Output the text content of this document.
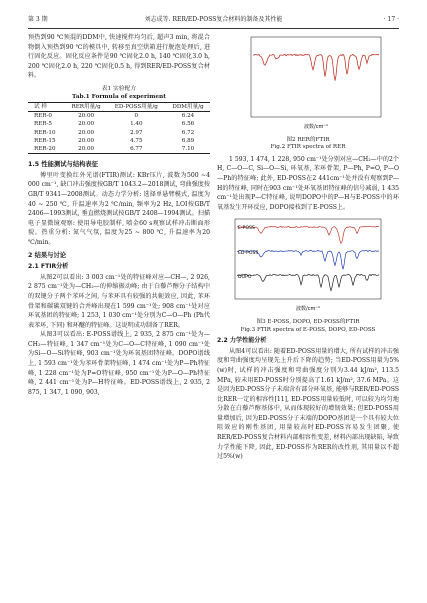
第 3 期	刘志成等. RER/ED-POSS复合材料的制备及其性能	· 17 ·

预热到90 ℃预混的DDM中, 快速搅拌均匀后, 超声3 min, 将混合物倒入预热到90 ℃的模具中, 转移至真空烘箱进行脱泡处理后, 进行固化反应。固化反应条件是90 ℃固化2.0 h, 140 ℃固化3.0 h, 200 ℃固化2.0 h, 220 ℃固化0.5 h, 得到RER/ED-POSS复合材料。

表1 实验配方
Tab.1 Formula of experiment
试 样	RER用量/g	ED-POSS用量/g	DDM用量/g
RER-0	20.00	0	6.24
RER-5	20.00	1.40	6.56
RER-10	20.00	2.97	6.72
RER-15	20.00	4.75	6.89
RER-20	20.00	6.77	7.10
1.5 性能测试与结构表征

傅里叶变换红外光谱(FTIR)测试: KBr压片, 波数为500 ~4 000 cm⁻¹, 缺口冲击强度按GB/T 1043.2—2018测试, 弯曲强度按GB/T 9341—2008测试。动态力学分析: 选择单悬臂模式, 温度为40 ~ 250 ℃, 升温速率为2 ℃/min, 频率为2 Hz, LOI按GB/T 2406—1993测试, 垂直燃烧测试按GB/T 2408—1994测试。扫描电子显微镜观察: 使用导电胶制样, 喷金60 s观察试样冲击断面形貌。热重分析: 氮气气氛, 温度为25 ~ 800 ℃, 升温速率为20 ℃/min。

2 结果与讨论
2.1 FTIR分析

从图2可以看出: 3 003 cm⁻¹处的特征峰对应—CH—, 2 926, 2 875 cm⁻¹处为—CH₂—的伸缩振动峰; 由于白藜芦醇分子结构中的双键分子两个苯环之间, 与苯环具有较强的共轭效应, 因此, 苯环骨架和碳碳双键的合并峰出现在1 599 cm⁻¹处; 908 cm⁻¹处对应环氧基团的特征峰; 1 253, 1 030 cm⁻¹处分别为C—O—Ph (Ph代表苯环, 下同) 和环醚的特征峰。这说明成功制备了RER。

从图3可以看出: E-POSS谱线上, 2 935, 2 875 cm⁻¹处为—CH₂—特征峰, 1 347 cm⁻¹处为C—O—C特征峰, 1 090 cm⁻¹处为Si—O—Si特征峰, 903 cm⁻¹处为环氧基团特征峰。DOPO谱线上, 1 593 cm⁻¹处为苯环骨架特征峰, 1 474 cm⁻¹处为P—Ph特征峰, 1 228 cm⁻¹处为P=O特征峰, 950 cm⁻¹处为P—O—Ph特征峰, 2 441 cm⁻¹处为P—H特征峰。ED-POSS谱线上, 2 935, 2 875, 1 347, 1 090, 903,

波数/cm⁻¹
图2 RER的FTIR
Fig.2 FTIR spectra of RER

1 593, 1 474, 1 228, 950 cm⁻¹处分别对应—CH₂—中的2个H, C—O—C, Si—O—Si, 环氧基, 苯环骨架, P—Ph, P=O, P—O—Ph的特征峰; 此外, ED-POSS在2 441cm⁻¹处并没有观察到P—H的特征峰, 同时在903 cm⁻¹处环氧基团特征峰的信号减弱, 1 435 cm⁻¹处出现P—C特征峰, 说明DOPO中的P—H与E-POSS中的环氧基发生开环反应, DOPO接枝到了E-POSS上。

E-POSS
ED-POSS
DOPO
波数/cm⁻¹
图3 E-POSS, DOPO, ED-POSS的FTIR
Fig.3 FTIR spectra of E-POSS, DOPO, ED-POSS
2.2 力学性能分析

从图4可以看出: 随着ED-POSS用量的增大, 所有试样的冲击强度和弯曲强度均呈现先上升后下降的趋势; 当ED-POSS用量为5%(w)时, 试样的冲击强度和弯曲强度分别为3.44 kJ/m², 113.5 MPa, 较未用ED-POSS时分别提高了1.61 kJ/m², 37.6 MPa。这是因为ED-POSS分子末端含有部分环氧基, 能够与RER/ED-POSS比RER一定的相容性[11], ED-POSS用量较低时, 可以较为均匀地分散在白藜芦醇基体中, 从而体现较好的增韧效果; 但ED-POSS用量增加后, 因为ED-POSS分子末端的DOPO基团是一个具有较大位阻效应的刚性基团, 用量较高时ED-POSS容易发生团聚, 使RER/ED-POSS复合材料内部相容性变差, 材料内部出现缺陷, 导致力学性能下降, 因此, ED-POSS作为RER的改性剂, 其用量以不超过5%(w)
